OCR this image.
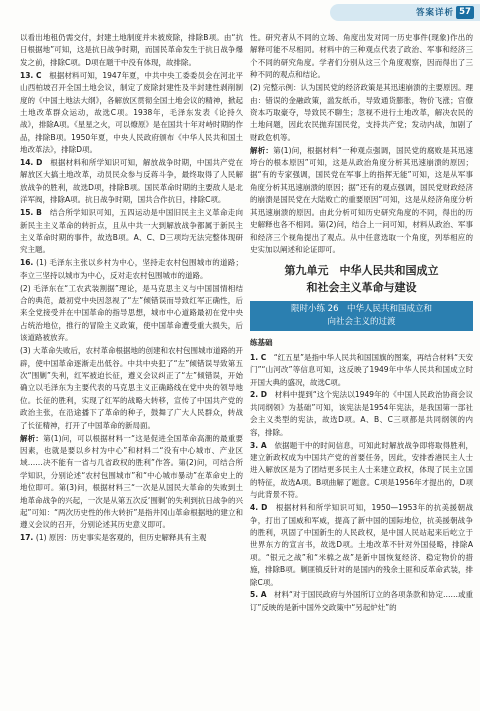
答案详析 57

以看出地租仍需交付，封建土地制度并未被废除，排除B项。由“抗日根据地”可知，这是抗日战争时期，而国民革命发生于抗日战争爆发之前，排除C项。D项在题干中没有体现，故排除。

13. C　 根据材料可知，1947年夏，中共中央工委委员会在河北平山西柏坡召开全国土地会议，制定了废除封建性及半封建性剥削制度的《中国土地法大纲》，各解放区贯彻全国土地会议的精神，掀起土地改革群众运动，故选C项。1938年，毛泽东发表《论持久战》，排除A项。《星星之火，可以燎原》是在国共十年对峙时期的作品，排除B项。1950年夏，中央人民政府颁布《中华人民共和国土地改革法》，排除D项。

14. D　 根据材料和所学知识可知，解放战争时期，中国共产党在解放区大搞土地改革，动员民众参与反蒋斗争，最终取得了人民解放战争的胜利，故选D项，排除B项。国民革命时期的主要敌人是北洋军阀，排除A项。抗日战争时期，国共合作抗日，排除C项。

15. B　 结合所学知识可知，五四运动是中国旧民主主义革命走向新民主主义革命的转折点，且从中共一大到解放战争都属于新民主主义革命时期的事件，故选B项。A、C、D三项均无法完整体现研究主题。

16. (1) 毛泽东主张以乡村为中心，坚持走农村包围城市的道路；李立三坚持以城市为中心，反对走农村包围城市的道路。

(2) 毛泽东在“工农武装割据”理论，是马克思主义与中国国情相结合的典范，最初党中央因忽视了“左”倾错误而导致红军正确性，后来全党接受并在中国革命的指导思想，城市中心道路最初在党中央占统治地位，推行的冒险主义政策，使中国革命遭受重大损失，后该道路被放弃。

(3) 大革命失败后，农村革命根据地的创建和农村包围城市道路的开辟，使中国革命逐渐走出低谷。中共中央犯了“左”倾错误导致第五次“围剿”失利，红军被迫长征，遵义会议纠正了“左”倾错误，开始确立以毛泽东为主要代表的马克思主义正确路线在党中央的领导地位。长征的胜利，实现了红军的战略大转移，宣传了中国共产党的政治主张，在沿途播下了革命的种子，鼓舞了广大人民群众，转战了长征精神，打开了中国革命的新局面。

解析：第(1)问，可以根据材料一“这是促进全国革命高潮的最重要因素，也就是要以乡村为中心”和材料二“没有中心城市、产业区域……决不能有一省与几省政权的胜利”作答。第(2)问，可结合所学知识，分别论述“农村包围城市”和“中心城市暴动”在革命史上的地位即可。第(3)问，根据材料三“一次是从国民大革命的失败到土地革命战争的兴起，一次是从第五次反‘围剿’的失利到抗日战争的兴起”可知：“两次历史性的伟大转折”是指井冈山革命根据地的建立和遵义会议的召开，分别论述其历史意义即可。

17. (1) 原因：历史事实是客观的，但历史解释具有主观

性。研究者从不同的立场、角度出发对同一历史事件(现象)作出的解释可能不尽相同。材料中的三种观点代表了政治、军事和经济三个不同的研究角度。学者们分别从这三个角度观察，因而得出了三种不同的观点和结论。

(2) 完整示例：认为国民党的经济政策是其迅速崩溃的主要原因。理由：错误的金融政策，滥发纸币，导致通货膨胀，物价飞涨；官僚资本巧取豪夺，导致民不聊生；忽视不进行土地改革，解决农民的土地问题，因此农民抛弃国民党，支持共产党；发动内战，加剧了财政危机等。

解析：第(1)问，根据材料“一种观点强调，国民党的腐败是其迅速垮台的根本原因”可知，这是从政治角度分析其迅速崩溃的原因；据“有的专家强调，国民党在军事上的指挥无能”可知，这是从军事角度分析其迅速崩溃的原因；据“还有的观点强调，国民党财政经济的崩溃是国民党在大陆败亡的重要原因”可知，这是从经济角度分析其迅速崩溃的原因。由此分析可知历史研究角度的不同，得出的历史解释也各不相同。第(2)问，结合上一问可知，材料从政治、军事和经济三个视角提出了观点。从中任意选取一个角度，列举相应的史实加以阐述和论证即可。

第九单元　中华人民共和国成立
和社会主义革命与建设
限时小练 26　中华人民共和国成立和
向社会主义的过渡
练基础

1. C　 “红五星”是指中华人民共和国国旗的图案，再结合材料“天安门”“山河改”等信息可知，这反映了1949年中华人民共和国成立时开国大典的盛况，故选C项。

2. D　 材料中提到“这个宪法以1949年的《中国人民政治协商会议共同纲领》为基础”可知，该宪法是1954年宪法，是我国第一部社会主义类型的宪法，故选D项。A、B、C三项都是共同纲领的内容，排除。

3. A　 依据题干中的时间信息，可知此时解放战争即将取得胜利，建立新政权成为中国共产党的首要任务，因此，安排香港民主人士进入解放区是为了团结更多民主人士来建立政权，体现了民主立国的特征，故选A项。B项曲解了题意。C项是1956年才提出的，D项与此背景不符。

4. D　 根据材料和所学知识可知，1950—1953年的抗美援朝战争，打出了国威和军威，提高了新中国的国际地位，抗美援朝战争的胜利，巩固了中国新生的人民政权，是中国人民站起来后屹立于世界东方的宣言书，故选D项。土地改革不针对外国侵略，排除A项。“银元之战”和“米棉之战”是新中国恢复经济、稳定物价的措施，排除B项。剿匪镇反针对的是国内的残余土匪和反革命武装，排除C项。

5. A　 材料“对于国民政府与外国所订立的各项条款和协定……或重订”反映的是新中国外交政策中“另起炉灶”的
